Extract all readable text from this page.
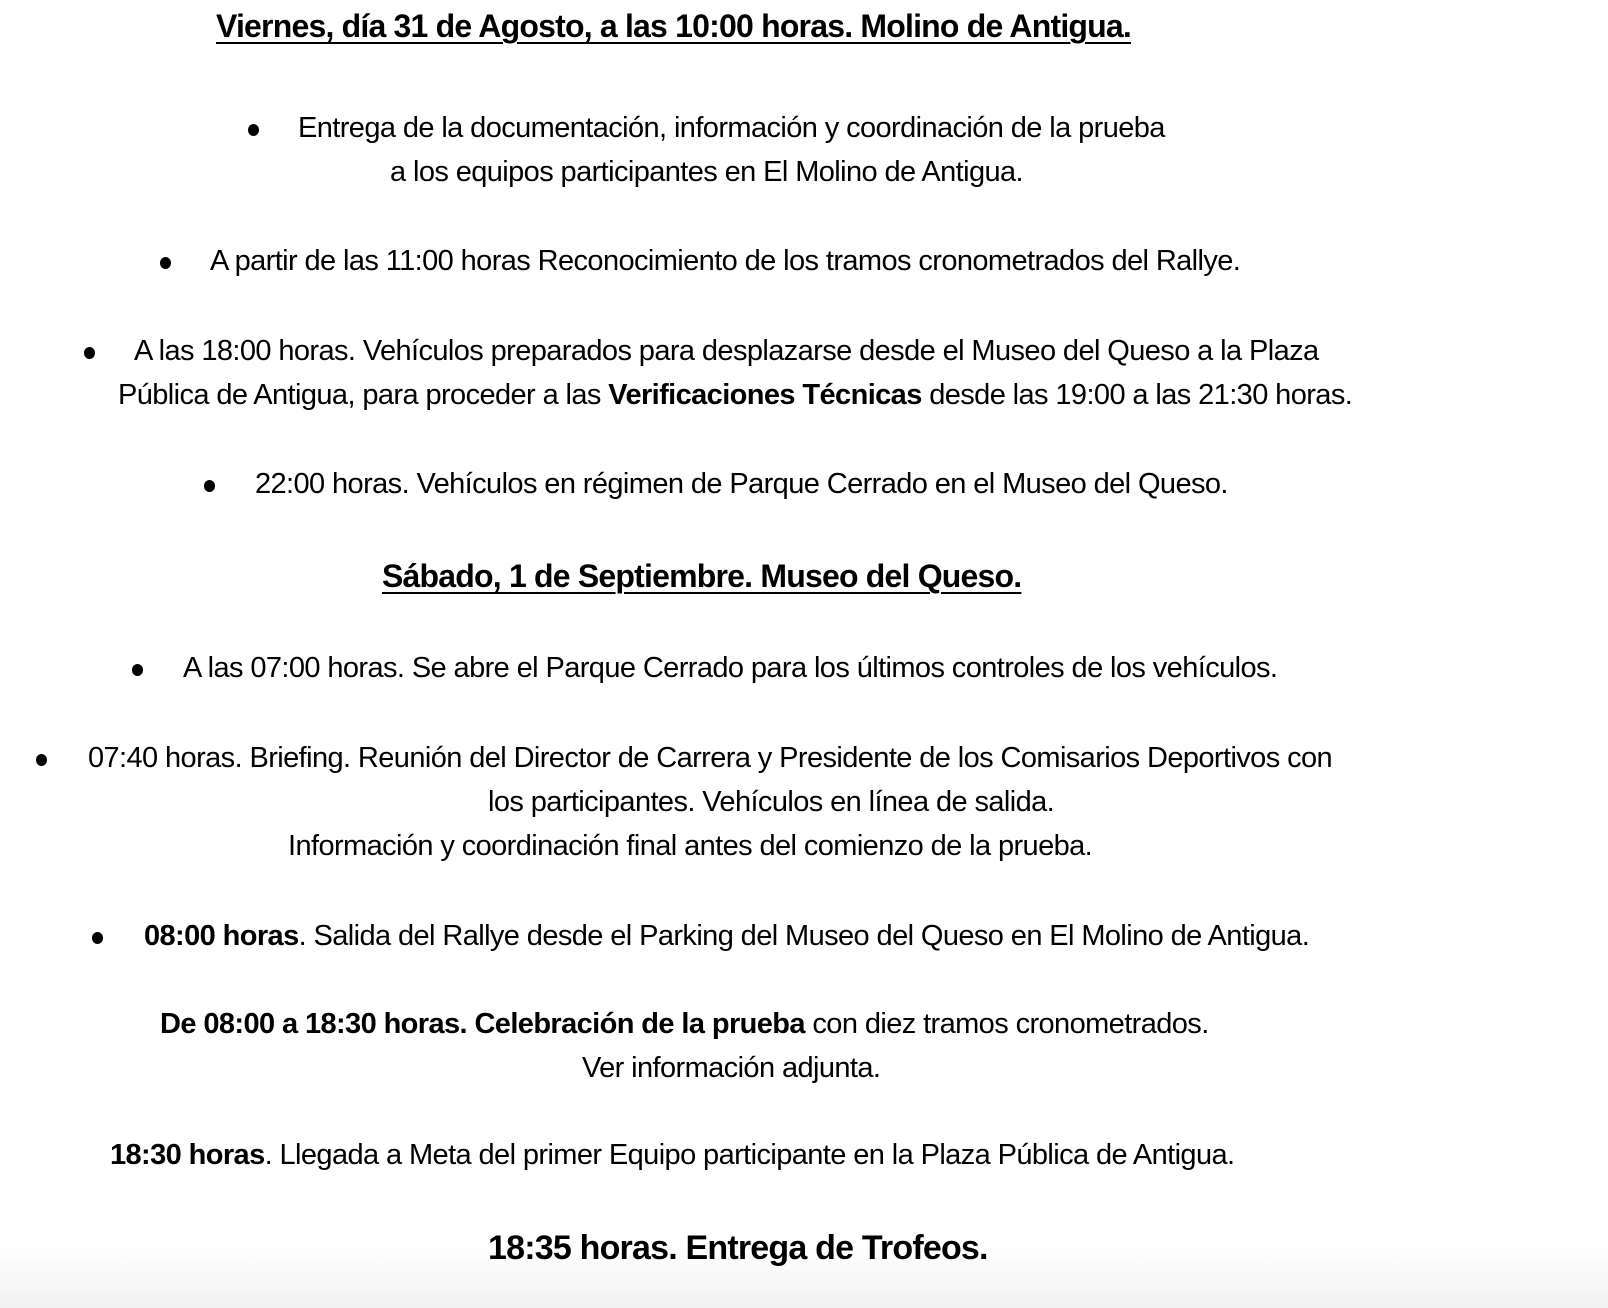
Viernes, día 31 de Agosto, a las 10:00 horas. Molino de Antigua.
Entrega de la documentación, información y coordinación de la prueba
a los equipos participantes en El Molino de Antigua.
A partir de las 11:00 horas Reconocimiento de los tramos cronometrados del Rallye.
A las 18:00 horas. Vehículos preparados para desplazarse desde el Museo del Queso a la Plaza
Pública de Antigua, para proceder a las Verificaciones Técnicas desde las 19:00 a las 21:30 horas.
22:00 horas. Vehículos en régimen de Parque Cerrado en el Museo del Queso.
Sábado, 1 de Septiembre. Museo del Queso.
A las 07:00 horas. Se abre el Parque Cerrado para los últimos controles de los vehículos.
07:40 horas. Briefing. Reunión del Director de Carrera y Presidente de los Comisarios Deportivos con
los participantes. Vehículos en línea de salida.
Información y coordinación final antes del comienzo de la prueba.
08:00 horas. Salida del Rallye desde el Parking del Museo del Queso en El Molino de Antigua.
De 08:00 a 18:30 horas. Celebración de la prueba con diez tramos cronometrados.
Ver información adjunta.
18:30 horas. Llegada a Meta del primer Equipo participante en la Plaza Pública de Antigua.
18:35 horas. Entrega de Trofeos.
